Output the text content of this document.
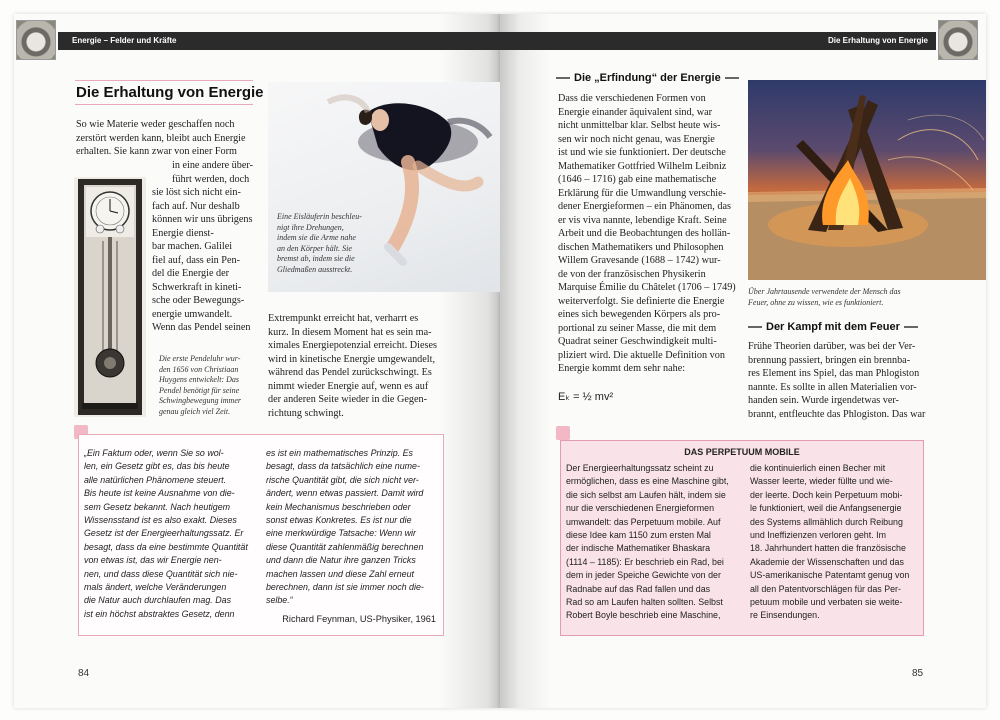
Energie – Felder und Kräfte
Die Erhaltung von Energie
So wie Materie weder geschaffen noch
zerstört werden kann, bleibt auch Energie
erhalten. Sie kann zwar von einer Form
in eine andere über-
führt werden, doch
sie löst sich nicht ein-
fach auf. Nur deshalb
können wir uns übrigens
Energie dienst-
bar machen. Galilei
fiel auf, dass ein Pen-
del die Energie der
Schwerkraft in kineti-
sche oder Bewegungs-
energie umwandelt.
Wenn das Pendel seinen
Die erste Pendeluhr wur-
den 1656 von Christiaan
Huygens entwickelt: Das
Pendel benötigt für seine
Schwingbewegung immer
genau gleich viel Zeit.
Eine Eisläuferin beschleu-
nigt ihre Drehungen,
indem sie die Arme nahe
an den Körper hält. Sie
bremst ab, indem sie die
Gliedmaßen ausstreckt.
Extrempunkt erreicht hat, verharrt es
kurz. In diesem Moment hat es sein ma-
ximales Energiepotenzial erreicht. Dieses
wird in kinetische Energie umgewandelt,
während das Pendel zurückschwingt. Es
nimmt wieder Energie auf, wenn es auf
der anderen Seite wieder in die Gegen-
richtung schwingt.
„Ein Faktum oder, wenn Sie so wol-
len, ein Gesetz gibt es, das bis heute
alle natürlichen Phänomene steuert.
Bis heute ist keine Ausnahme von die-
sem Gesetz bekannt. Nach heutigem
Wissensstand ist es also exakt. Dieses
Gesetz ist der Energieerhaltungssatz. Er
besagt, dass da eine bestimmte Quantität
von etwas ist, das wir Energie nen-
nen, und dass diese Quantität sich nie-
mals ändert, welche Veränderungen
die Natur auch durchlaufen mag. Das
ist ein höchst abstraktes Gesetz, denn
es ist ein mathematisches Prinzip. Es
besagt, dass da tatsächlich eine nume-
rische Quantität gibt, die sich nicht ver-
ändert, wenn etwas passiert. Damit wird
kein Mechanismus beschrieben oder
sonst etwas Konkretes. Es ist nur die
eine merkwürdige Tatsache: Wenn wir
diese Quantität zahlenmäßig berechnen
und dann die Natur ihre ganzen Tricks
machen lassen und diese Zahl erneut
berechnen, dann ist sie immer noch die-
selbe.“
Richard Feynman, US-Physiker, 1961
84
Die Erhaltung von Energie
Die „Erfindung“ der Energie
Dass die verschiedenen Formen von
Energie einander äquivalent sind, war
nicht unmittelbar klar. Selbst heute wis-
sen wir noch nicht genau, was Energie
ist und wie sie funktioniert. Der deutsche
Mathematiker Gottfried Wilhelm Leibniz
(1646 – 1716) gab eine mathematische
Erklärung für die Umwandlung verschie-
dener Energieformen – ein Phänomen, das
er vis viva nannte, lebendige Kraft. Seine
Arbeit und die Beobachtungen des hollän-
dischen Mathematikers und Philosophen
Willem Gravesande (1688 – 1742) wur-
de von der französischen Physikerin
Marquise Émilie du Châtelet (1706 – 1749)
weiterverfolgt. Sie definierte die Energie
eines sich bewegenden Körpers als pro-
portional zu seiner Masse, die mit dem
Quadrat seiner Geschwindigkeit multi-
pliziert wird. Die aktuelle Definition von
Energie kommt dem sehr nahe:
Eₖ = ½ mv²
Über Jahrtausende verwendete der Mensch das
Feuer, ohne zu wissen, wie es funktioniert.
Der Kampf mit dem Feuer
Frühe Theorien darüber, was bei der Ver-
brennung passiert, bringen ein brennba-
res Element ins Spiel, das man Phlogiston
nannte. Es sollte in allen Materialien vor-
handen sein. Wurde irgendetwas ver-
brannt, entfleuchte das Phlogiston. Das war
DAS PERPETUUM MOBILE
Der Energieerhaltungssatz scheint zu
ermöglichen, dass es eine Maschine gibt,
die sich selbst am Laufen hält, indem sie
nur die verschiedenen Energieformen
umwandelt: das Perpetuum mobile. Auf
diese Idee kam 1150 zum ersten Mal
der indische Mathematiker Bhaskara
(1114 – 1185): Er beschrieb ein Rad, bei
dem in jeder Speiche Gewichte von der
Radnabe auf das Rad fallen und das
Rad so am Laufen halten sollten. Selbst
Robert Boyle beschrieb eine Maschine,
die kontinuierlich einen Becher mit
Wasser leerte, wieder füllte und wie-
der leerte. Doch kein Perpetuum mobi-
le funktioniert, weil die Anfangsenergie
des Systems allmählich durch Reibung
und Ineffizienzen verloren geht. Im
18. Jahrhundert hatten die französische
Akademie der Wissenschaften und das
US-amerikanische Patentamt genug von
all den Patentvorschlägen für das Per-
petuum mobile und verbaten sie weite-
re Einsendungen.
85
